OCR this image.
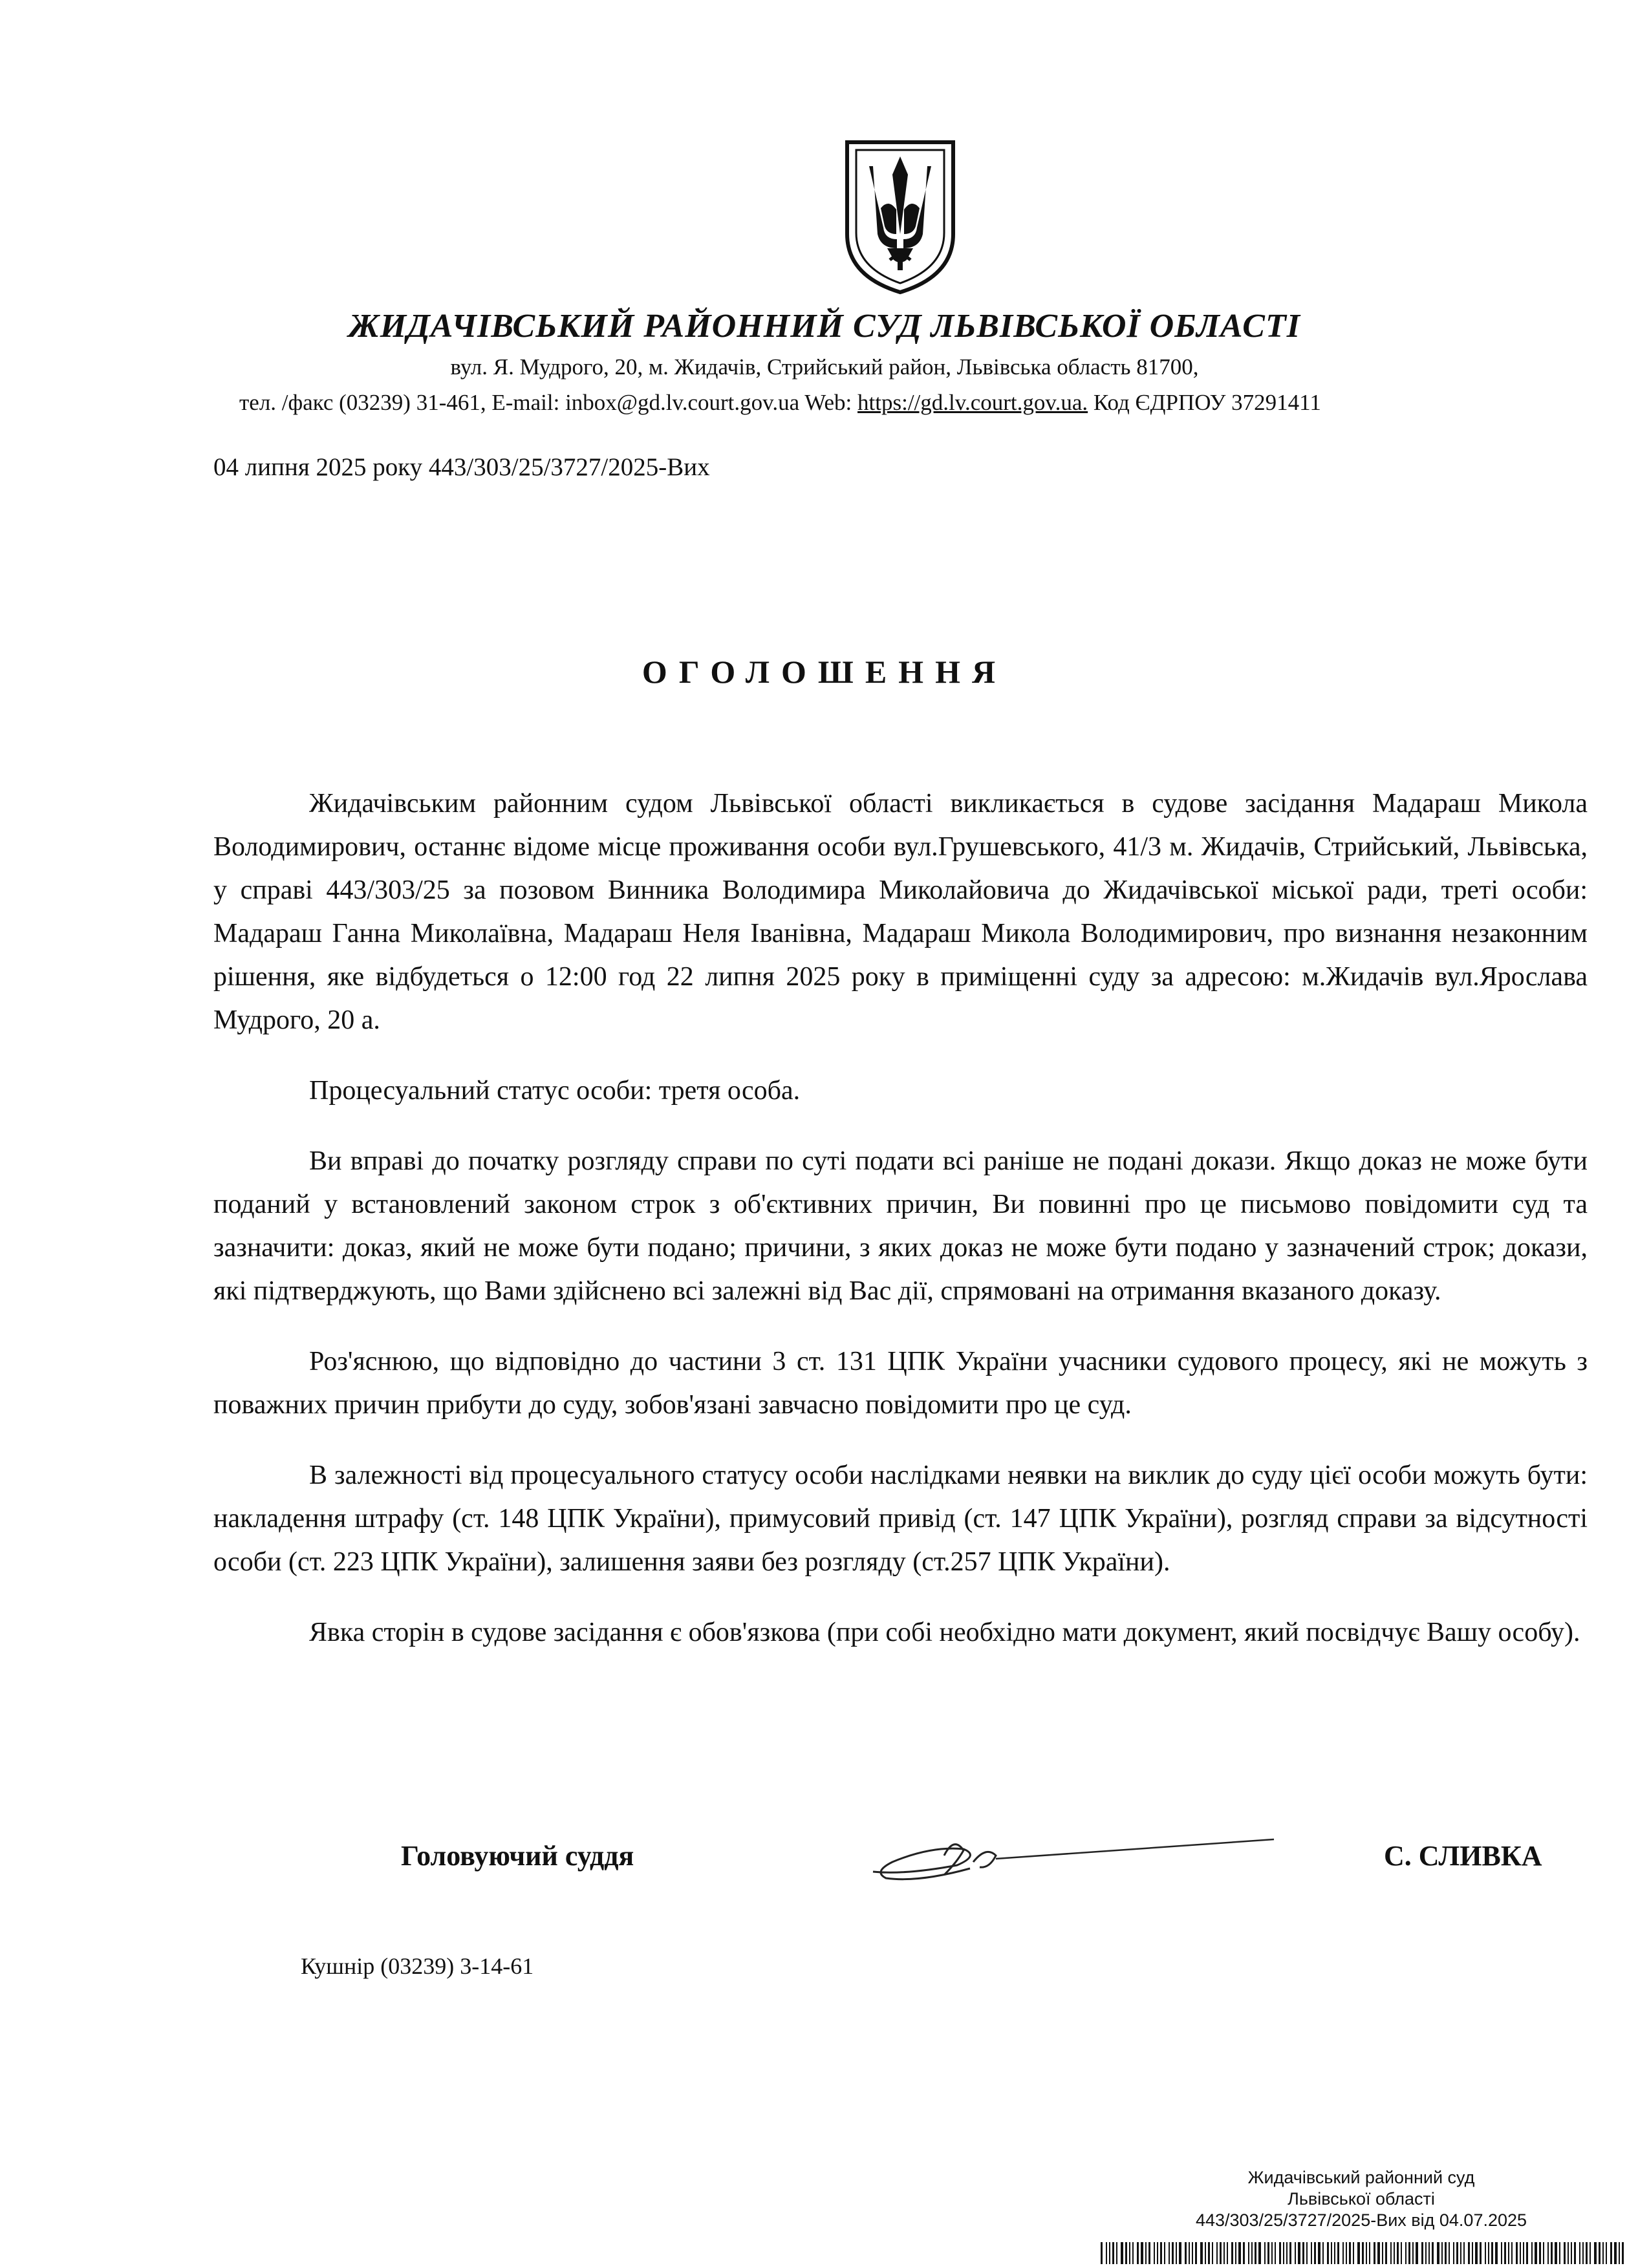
ЖИДАЧІВСЬКИЙ РАЙОННИЙ СУД ЛЬВІВСЬКОЇ ОБЛАСТІ
вул. Я. Мудрого, 20, м. Жидачів, Стрийський район, Львівська область 81700,
тел. /факс (03239) 31-461, E-mail: inbox@gd.lv.court.gov.ua Web: https://gd.lv.court.gov.ua. Код ЄДРПОУ 37291411
04 липня 2025 року 443/303/25/3727/2025-Вих
ОГОЛОШЕННЯ

Жидачівським районним судом Львівської області викликається в судове засідання Мадараш Микола Володимирович, останнє відоме місце проживання особи вул.Грушевського, 41/3 м. Жидачів, Стрийський, Львівська, у справі 443/303/25 за позовом Винника Володимира Миколайовича до Жидачівської міської ради, треті особи: Мадараш Ганна Миколаївна, Мадараш Неля Іванівна, Мадараш Микола Володимирович, про визнання незаконним рішення, яке відбудеться о 12:00 год 22 липня 2025 року в приміщенні суду за адресою: м.Жидачів вул.Ярослава Мудрого, 20 а.

Процесуальний статус особи: третя особа.

Ви вправі до початку розгляду справи по суті подати всі раніше не подані докази. Якщо доказ не може бути поданий у встановлений законом строк з об'єктивних причин, Ви повинні про це письмово повідомити суд та зазначити: доказ, який не може бути подано; причини, з яких доказ не може бути подано у зазначений строк; докази, які підтверджують, що Вами здійснено всі залежні від Вас дії, спрямовані на отримання вказаного доказу.

Роз'яснюю, що відповідно до частини 3 ст. 131 ЦПК України учасники судового процесу, які не можуть з поважних причин прибути до суду, зобов'язані завчасно повідомити про це суд.

В залежності від процесуального статусу особи наслідками неявки на виклик до суду цієї особи можуть бути: накладення штрафу (ст. 148 ЦПК України), примусовий привід (ст. 147 ЦПК України), розгляд справи за відсутності особи (ст. 223 ЦПК України), залишення заяви без розгляду (ст.257 ЦПК України).

Явка сторін в судове засідання є обов'язкова (при собі необхідно мати документ, який посвідчує Вашу особу).

Головуючий суддя	С. СЛИВКА
Кушнір (03239) 3-14-61
Жидачівський районний суд
Львівської області
443/303/25/3727/2025-Вих від 04.07.2025
